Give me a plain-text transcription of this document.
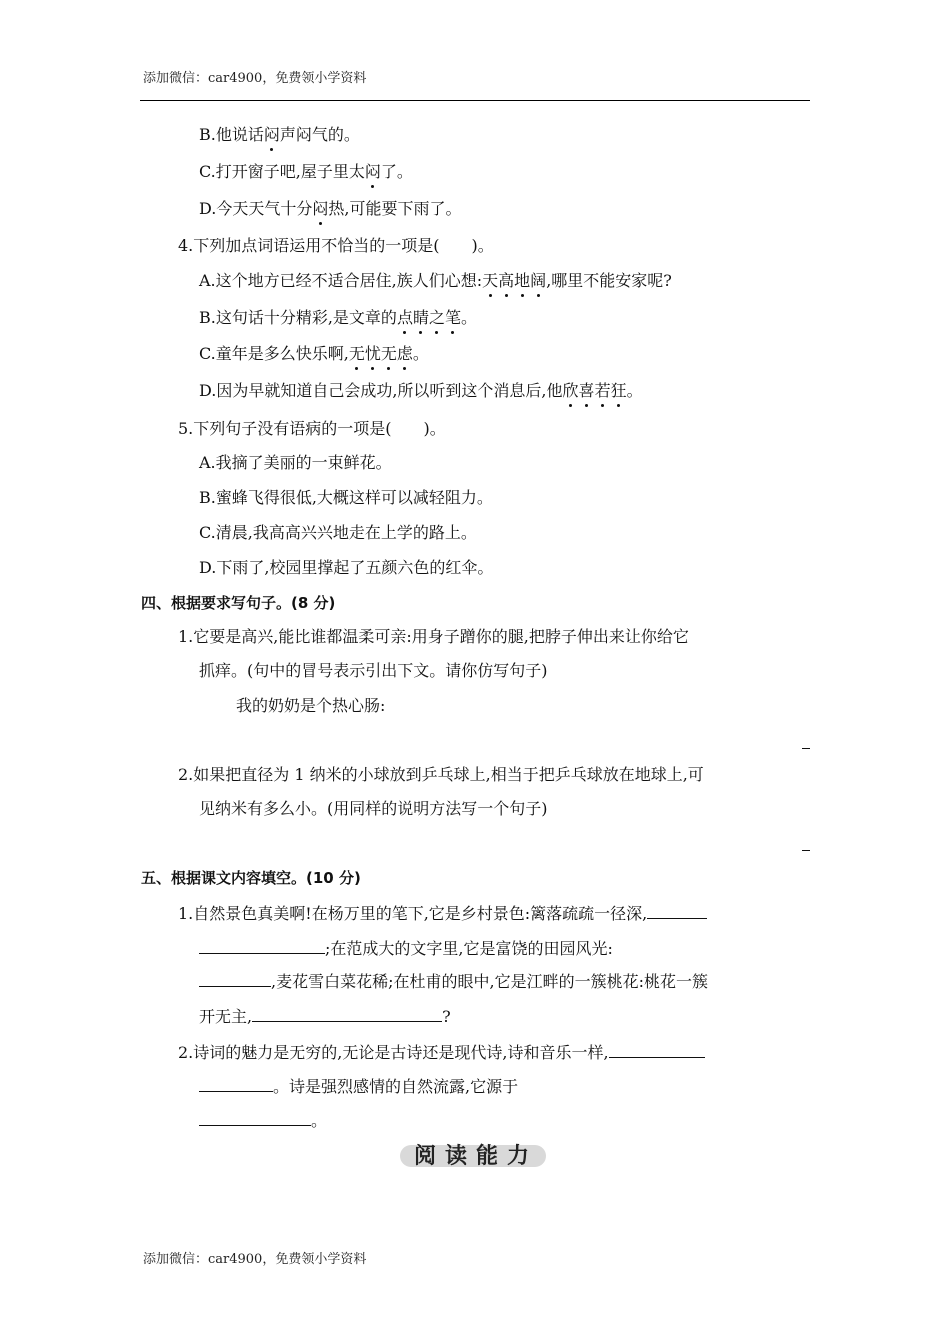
添加微信：car4900，免费领小学资料
B.他说话闷声闷气的。
C.打开窗子吧,屋子里太闷了。
D.今天天气十分闷热,可能要下雨了。
4.下列加点词语运用不恰当的一项是(　　)。
A.这个地方已经不适合居住,族人们心想:天高地阔,哪里不能安家呢?
B.这句话十分精彩,是文章的点睛之笔。
C.童年是多么快乐啊,无忧无虑。
D.因为早就知道自己会成功,所以听到这个消息后,他欣喜若狂。
5.下列句子没有语病的一项是(　　)。
A.我摘了美丽的一束鲜花。
B.蜜蜂飞得很低,大概这样可以减轻阻力。
C.清晨,我高高兴兴地走在上学的路上。
D.下雨了,校园里撑起了五颜六色的红伞。
四、根据要求写句子。(8 分)
1.它要是高兴,能比谁都温柔可亲:用身子蹭你的腿,把脖子伸出来让你给它
抓痒。(句中的冒号表示引出下文。请你仿写句子)
我的奶奶是个热心肠:
2.如果把直径为 1 纳米的小球放到乒乓球上,相当于把乒乓球放在地球上,可
见纳米有多么小。(用同样的说明方法写一个句子)
五、根据课文内容填空。(10 分)
1.自然景色真美啊!在杨万里的笔下,它是乡村景色:篱落疏疏一径深,
;在范成大的文字里,它是富饶的田园风光:
,麦花雪白菜花稀;在杜甫的眼中,它是江畔的一簇桃花:桃花一簇
开无主,	?
2.诗词的魅力是无穷的,无论是古诗还是现代诗,诗和音乐一样,
。诗是强烈感情的自然流露,它源于
。
阅读能力
添加微信：car4900，免费领小学资料
